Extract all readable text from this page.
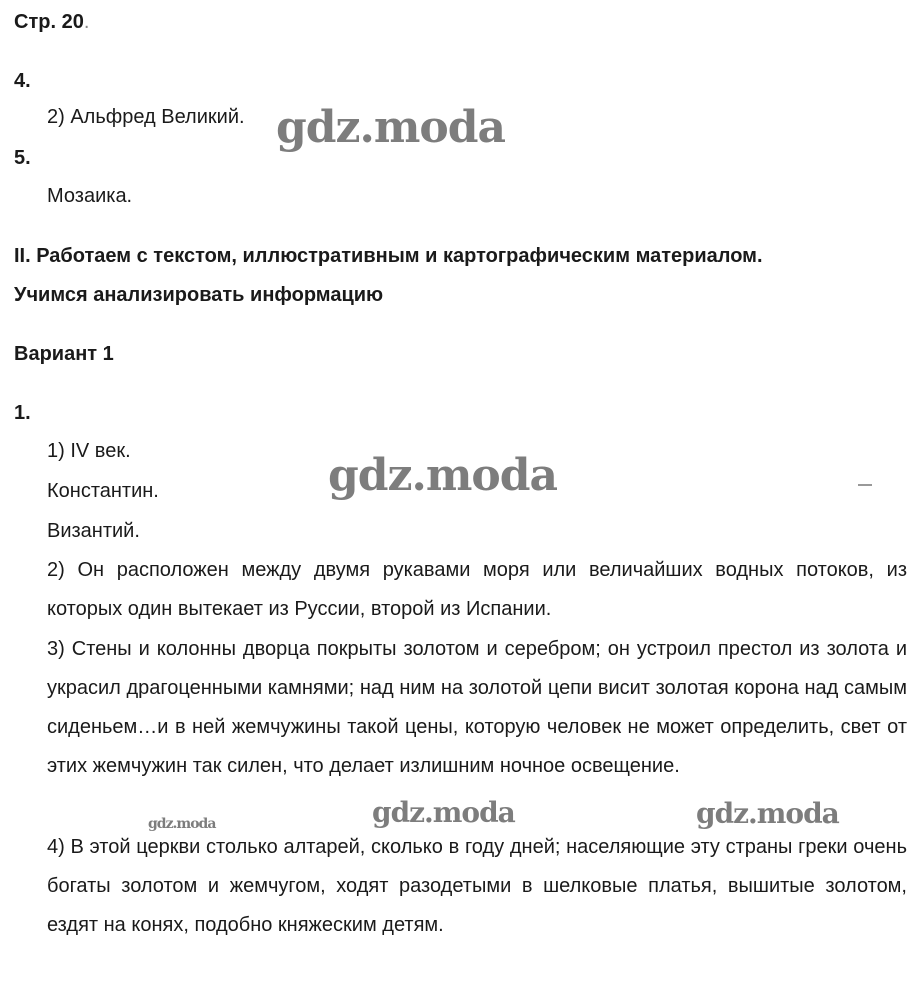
Стр. 20.
4.
2) Альфред Великий.
5.
Мозаика.
II. Работаем с текстом, иллюстративным и картографическим материалом.
Учимся анализировать информацию
Вариант 1
1.
1) IV век.
Константин.
Византий.
2) Он расположен между двумя рукавами моря или величайших водных потоков, из которых один вытекает из Руссии, второй из Испании.
3) Стены и колонны дворца покрыты золотом и серебром; он устроил престол из золота и украсил драгоценными камнями; над ним на золотой цепи висит золотая корона над самым сиденьем…и в ней жемчужины такой цены, которую человек не может определить, свет от этих жемчужин так силен, что делает излишним ночное освещение.
4) В этой церкви столько алтарей, сколько в году дней; населяющие эту страны греки очень богаты золотом и жемчугом, ходят разодетыми в шелковые платья, вышитые золотом, ездят на конях, подобно княжеским детям.
gdz.moda
gdz.moda
gdz.moda	gdz.moda
gdz.moda
